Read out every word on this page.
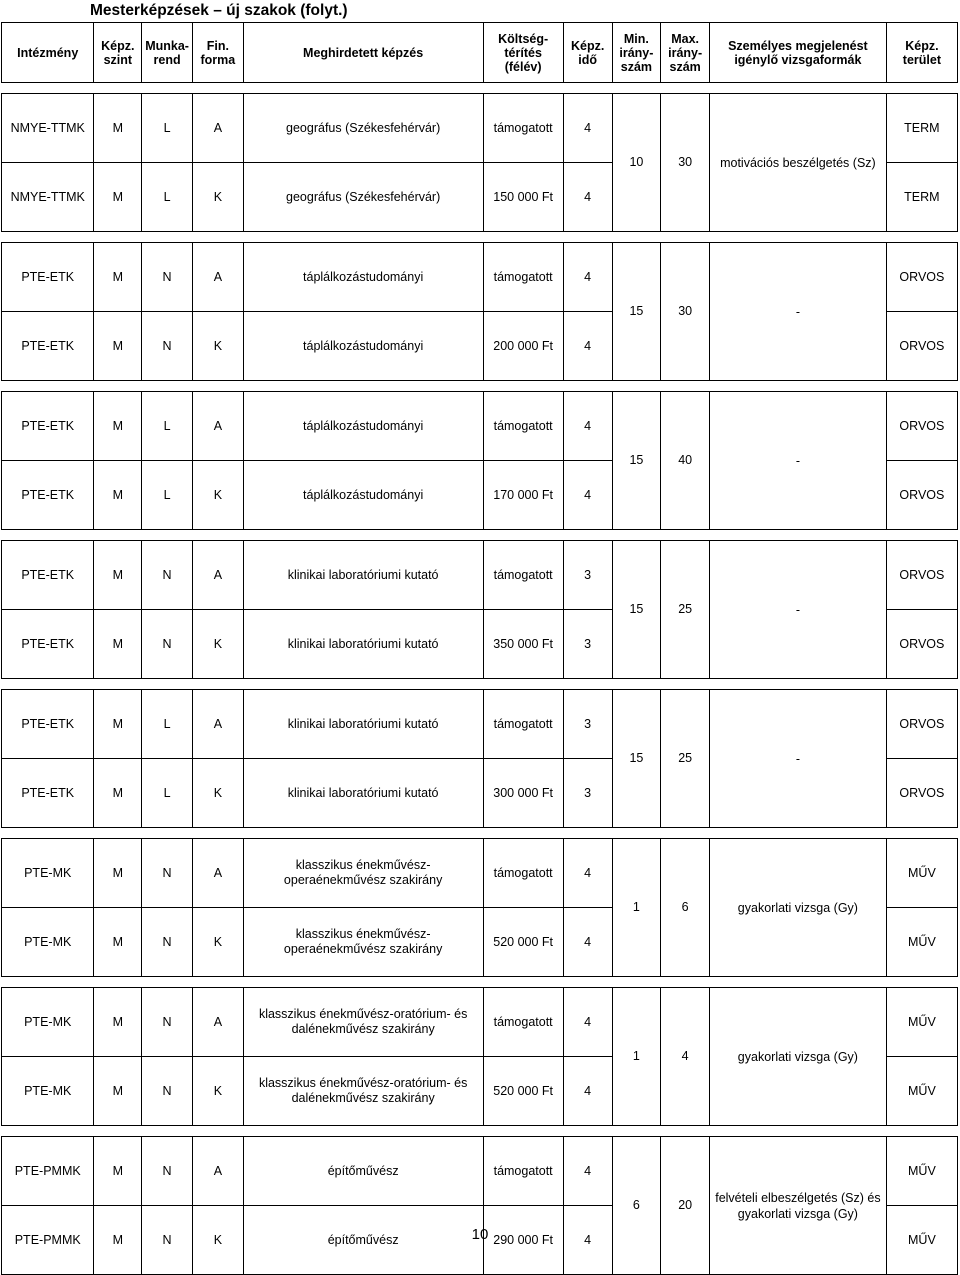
Mesterképzések – új szakok (folyt.)
Intézmény	Képz. szint	Munka-rend	Fin. forma	Meghirdetett képzés	Költség-térítés (félév)	Képz. idő	Min. irány-szám	Max. irány-szám	Személyes megjelenést igénylő vizsgaformák	Képz. terület

NMYE-TTMK	M	L	A	geográfus (Székesfehérvár)	támogatott	4	10	30	motivációs beszélgetés (Sz)	TERM
NMYE-TTMK	M	L	K	geográfus (Székesfehérvár)	150 000 Ft	4				TERM

PTE-ETK	M	N	A	táplálkozástudományi	támogatott	4	15	30	-	ORVOS
PTE-ETK	M	N	K	táplálkozástudományi	200 000 Ft	4				ORVOS

PTE-ETK	M	L	A	táplálkozástudományi	támogatott	4	15	40	-	ORVOS
PTE-ETK	M	L	K	táplálkozástudományi	170 000 Ft	4				ORVOS

PTE-ETK	M	N	A	klinikai laboratóriumi kutató	támogatott	3	15	25	-	ORVOS
PTE-ETK	M	N	K	klinikai laboratóriumi kutató	350 000 Ft	3				ORVOS

PTE-ETK	M	L	A	klinikai laboratóriumi kutató	támogatott	3	15	25	-	ORVOS
PTE-ETK	M	L	K	klinikai laboratóriumi kutató	300 000 Ft	3				ORVOS

PTE-MK	M	N	A	klasszikus énekművész-operaénekművész szakirány	támogatott	4	1	6	gyakorlati vizsga (Gy)	MŰV
PTE-MK	M	N	K	klasszikus énekművész-operaénekművész szakirány	520 000 Ft	4				MŰV

PTE-MK	M	N	A	klasszikus énekművész-oratórium- és dalénekművész szakirány	támogatott	4	1	4	gyakorlati vizsga (Gy)	MŰV
PTE-MK	M	N	K	klasszikus énekművész-oratórium- és dalénekművész szakirány	520 000 Ft	4				MŰV

PTE-PMMK	M	N	A	építőművész	támogatott	4	6	20	felvételi elbeszélgetés (Sz) és gyakorlati vizsga (Gy)	MŰV
PTE-PMMK	M	N	K	építőművész	290 000 Ft	4				MŰV
10
